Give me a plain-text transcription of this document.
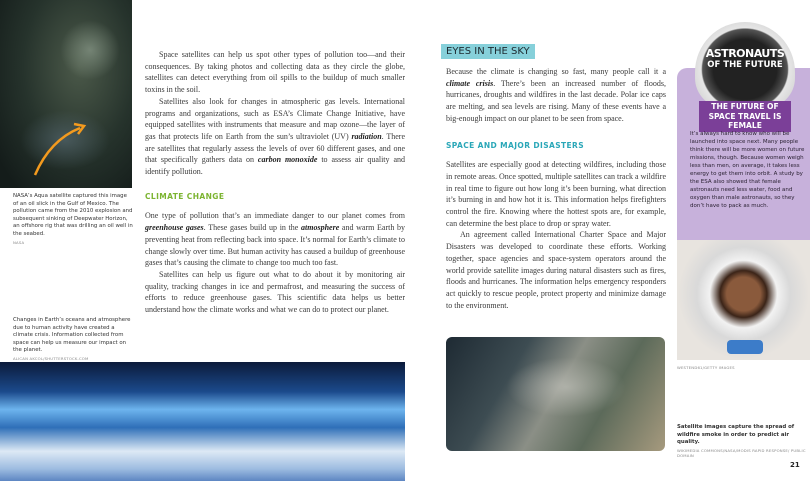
NASA’s Aqua satellite captured this image of an oil slick in the Gulf of Mexico. The pollution came from the 2010 explosion and subsequent sinking of Deepwater Horizon, an offshore rig that was drilling an oil well in the seabed.
NASA
Changes in Earth’s oceans and atmosphere due to human activity have created a climate crisis. Information collected from space can help us measure our impact on the planet.
ALICAN AKCOL/SHUTTERSTOCK.COM

Space satellites can help us spot other types of pollution too—and their consequences. By taking photos and collecting data as they circle the globe, satellites can detect everything from oil spills to the buildup of much smaller toxins in the soil.

Satellites also look for changes in atmospheric gas levels. International programs and organizations, such as ESA’s Climate Change Initiative, have equipped satellites with instruments that measure and map ozone—the layer of gas that protects life on Earth from the sun’s ultraviolet (UV) radiation. There are satellites that regularly assess the levels of over 60 different gases, and one that specifically gathers data on carbon monoxide to assess air quality and identify pollution.

CLIMATE CHANGE

One type of pollution that’s an immediate danger to our planet comes from greenhouse gases. These gases build up in the atmosphere and warm Earth by preventing heat from reflecting back into space. It’s normal for Earth’s climate to change slowly over time. But human activity has caused a buildup of greenhouse gases that’s causing the climate to change too much too fast.

Satellites can help us figure out what to do about it by monitoring air quality, tracking changes in ice and permafrost, and measuring the success of efforts to reduce greenhouse gases. This scientific data helps us better understand how the climate works and what we can do to protect our planet.

EYES IN THE SKY

Because the climate is changing so fast, many people call it a climate crisis. There’s been an increased number of floods, hurricanes, droughts and wildfires in the last decade. Polar ice caps are melting, and sea levels are rising. Many of these events have a big-enough impact on our planet to be seen from space.

SPACE AND MAJOR DISASTERS

Satellites are especially good at detecting wildfires, including those in remote areas. Once spotted, multiple satellites can track a wildfire in real time to figure out how long it’s been burning, what direction it’s burning in and how hot it is. This information helps firefighters control the fire. Knowing where the hottest spots are, for example, can determine the best place to drop or spray water.

An agreement called International Charter Space and Major Disasters was developed to coordinate these efforts. Working together, space agencies and space-system operators around the world provide satellite images during natural disasters such as fires, floods and hurricanes. The information helps emergency responders act quickly to rescue people, protect property and minimize damage to the environment.

ASTRONAUTS
OF THE FUTURE
THE FUTURE OF SPACE TRAVEL IS FEMALE
It’s always hard to know who will be launched into space next. Many people think there will be more women on future missions, though. Because women weigh less than men, on average, it takes less energy to get them into orbit. A study by the ESA also showed that female astronauts need less water, food and oxygen than male astronauts, so they don’t have to pack as much.
WESTEND61/GETTY IMAGES
Satellite images capture the spread of wildfire smoke in order to predict air quality.
WIKIMEDIA COMMONS/NASA/MODIS RAPID RESPONSE/ PUBLIC DOMAIN
21
